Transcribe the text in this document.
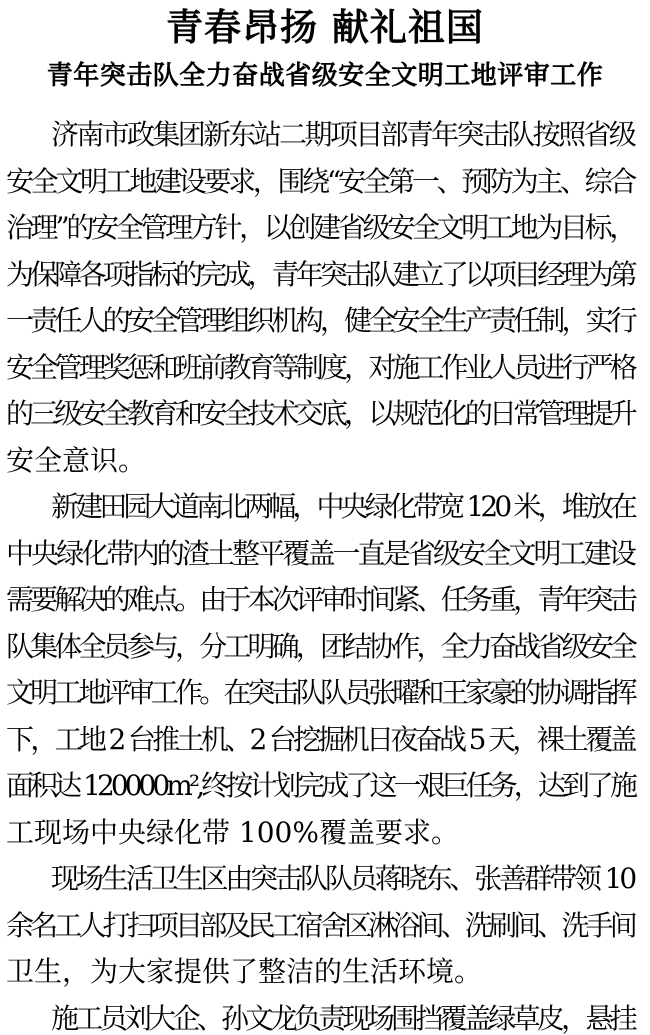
青春昂扬 献礼祖国
青年突击队全力奋战省级安全文明工地评审工作
济南市政集团新东站二期项目部青年突击队按照省级
安全文明工地建设要求，围绕“安全第一、预防为主、综合
治理”的安全管理方针，以创建省级安全文明工地为目标，
为保障各项指标的完成，青年突击队建立了以项目经理为第
一责任人的安全管理组织机构，健全安全生产责任制，实行
安全管理奖惩和班前教育等制度，对施工作业人员进行严格
的三级安全教育和安全技术交底，以规范化的日常管理提升
安全意识。
新建田园大道南北两幅，中央绿化带宽 120 米，堆放在
中央绿化带内的渣土整平覆盖一直是省级安全文明工建设
需要解决的难点。由于本次评审时间紧、任务重，青年突击
队集体全员参与，分工明确，团结协作，全力奋战省级安全
文明工地评审工作。在突击队队员张曜和王家豪的协调指挥
下，工地 2 台推土机、2 台挖掘机日夜奋战 5 天，裸土覆盖
面积达 120000m²,终按计划完成了这一艰巨任务，达到了施
工现场中央绿化带 100%覆盖要求。
现场生活卫生区由突击队队员蒋晓东、张善群带领 10
余名工人打扫项目部及民工宿舍区淋浴间、洗刷间、洗手间
卫生，为大家提供了整洁的生活环境。
施工员刘大企、孙文龙负责现场围挡覆盖绿草皮，悬挂
